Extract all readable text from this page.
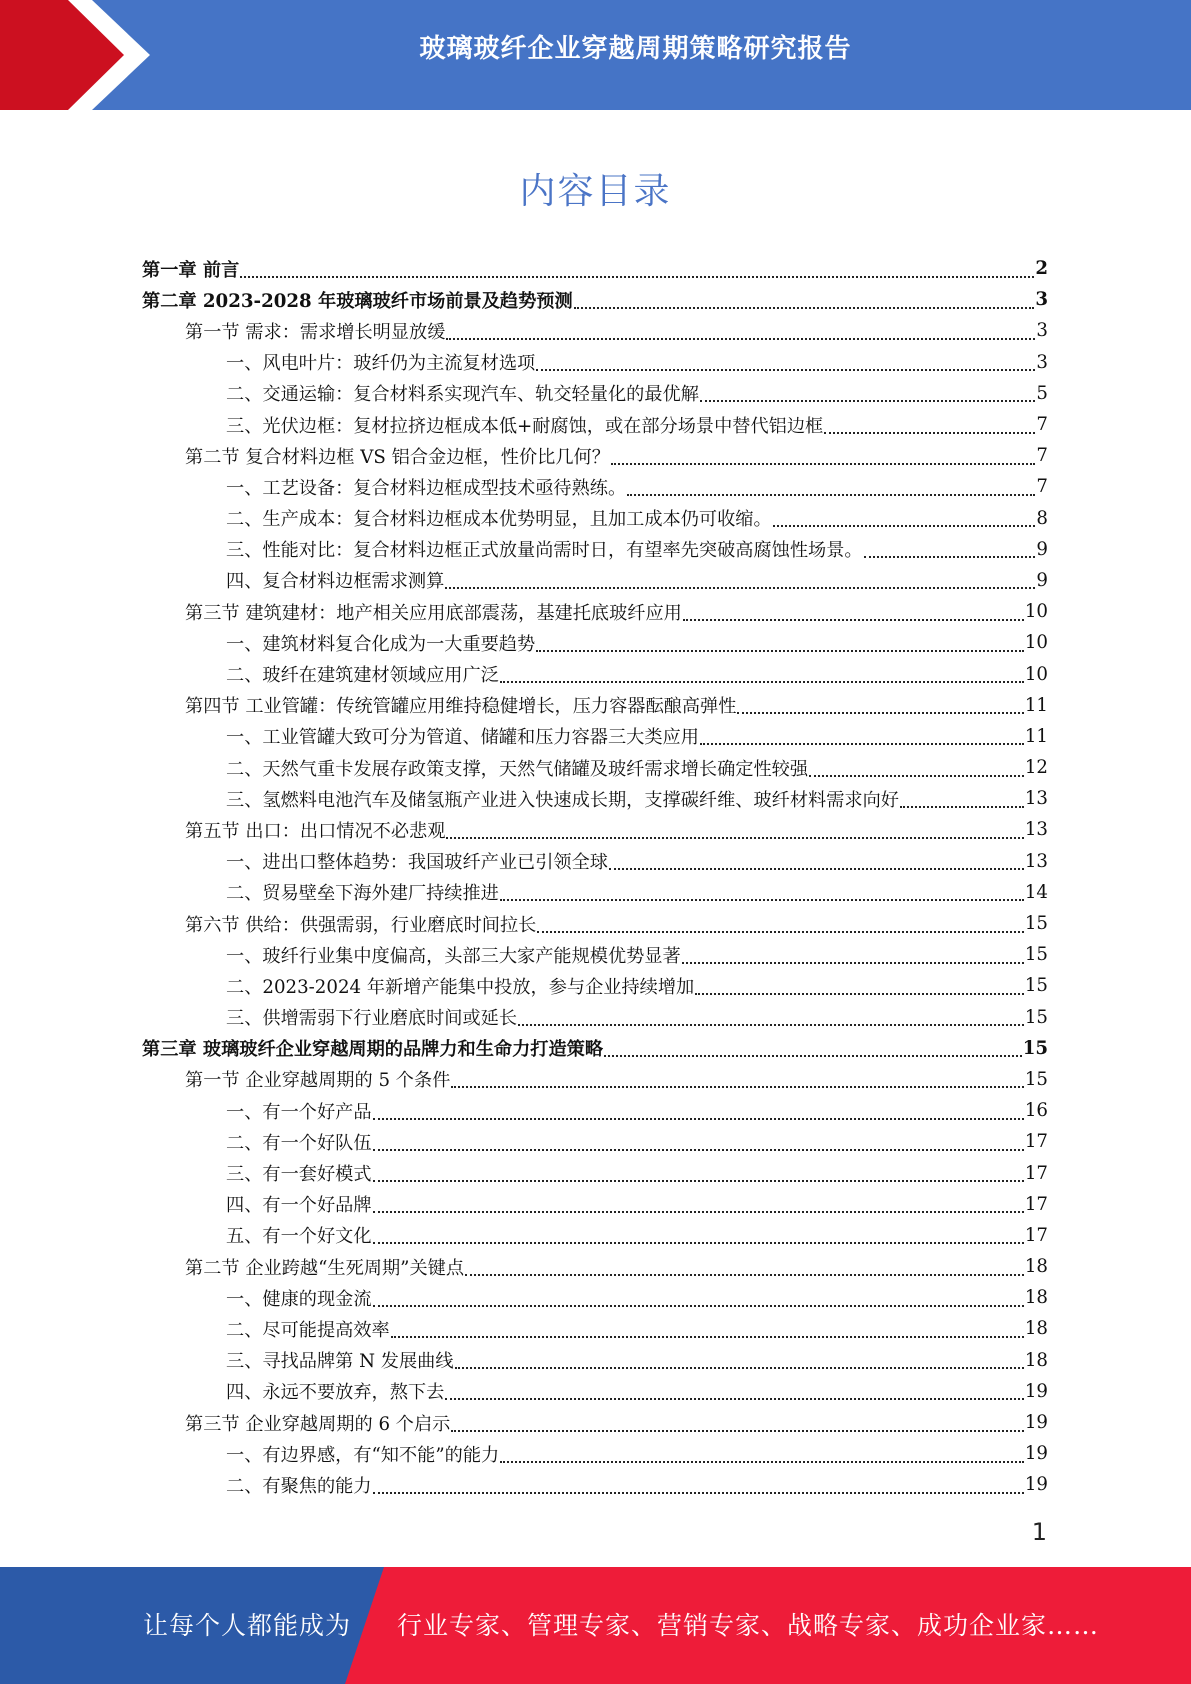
玻璃玻纤企业穿越周期策略研究报告
内容目录
第一章 前言	2
第二章 2023-2028 年玻璃玻纤市场前景及趋势预测	3
第一节 需求：需求增长明显放缓	3
一、风电叶片：玻纤仍为主流复材选项	3
二、交通运输：复合材料系实现汽车、轨交轻量化的最优解	5
三、光伏边框：复材拉挤边框成本低+耐腐蚀，或在部分场景中替代铝边框	7
第二节 复合材料边框 VS 铝合金边框，性价比几何？	7
一、工艺设备：复合材料边框成型技术亟待熟练。	7
二、生产成本：复合材料边框成本优势明显，且加工成本仍可收缩。	8
三、性能对比：复合材料边框正式放量尚需时日，有望率先突破高腐蚀性场景。	9
四、复合材料边框需求测算	9
第三节 建筑建材：地产相关应用底部震荡，基建托底玻纤应用	10
一、建筑材料复合化成为一大重要趋势	10
二、玻纤在建筑建材领域应用广泛	10
第四节 工业管罐：传统管罐应用维持稳健增长，压力容器酝酿高弹性	11
一、工业管罐大致可分为管道、储罐和压力容器三大类应用	11
二、天然气重卡发展存政策支撑，天然气储罐及玻纤需求增长确定性较强	12
三、氢燃料电池汽车及储氢瓶产业进入快速成长期，支撑碳纤维、玻纤材料需求向好	13
第五节 出口：出口情况不必悲观	13
一、进出口整体趋势：我国玻纤产业已引领全球	13
二、贸易壁垒下海外建厂持续推进	14
第六节 供给：供强需弱，行业磨底时间拉长	15
一、玻纤行业集中度偏高，头部三大家产能规模优势显著	15
二、2023-2024 年新增产能集中投放，参与企业持续增加	15
三、供增需弱下行业磨底时间或延长	15
第三章 玻璃玻纤企业穿越周期的品牌力和生命力打造策略	15
第一节 企业穿越周期的 5 个条件	15
一、有一个好产品	16
二、有一个好队伍	17
三、有一套好模式	17
四、有一个好品牌	17
五、有一个好文化	17
第二节 企业跨越“生死周期”关键点	18
一、健康的现金流	18
二、尽可能提高效率	18
三、寻找品牌第 N 发展曲线	18
四、永远不要放弃，熬下去	19
第三节 企业穿越周期的 6 个启示	19
一、有边界感，有“知不能”的能力	19
二、有聚焦的能力	19
1
让每个人都能成为 行业专家、管理专家、营销专家、战略专家、成功企业家……
